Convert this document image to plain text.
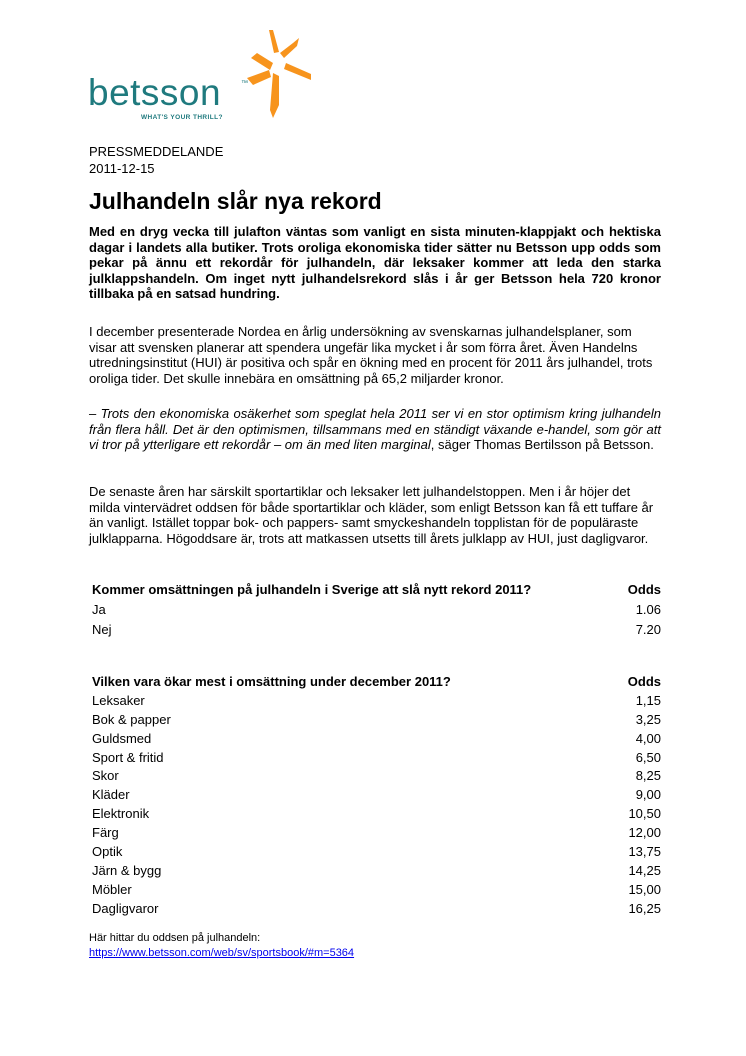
betsson	™
WHAT'S YOUR THRILL?
PRESSMEDDELANDE
2011-12-15
Julhandeln slår nya rekord
Med en dryg vecka till julafton väntas som vanligt en sista minuten-klappjakt och hektiska dagar i landets alla butiker. Trots oroliga ekonomiska tider sätter nu Betsson upp odds som pekar på ännu ett rekordår för julhandeln, där leksaker kommer att leda den starka julklappshandeln. Om inget nytt julhandelsrekord slås i år ger Betsson hela 720 kronor tillbaka på en satsad hundring.
I december presenterade Nordea en årlig undersökning av svenskarnas julhandelsplaner, som visar att svensken planerar att spendera ungefär lika mycket i år som förra året. Även Handelns utredningsinstitut (HUI) är positiva och spår en ökning med en procent för 2011 års julhandel, trots oroliga tider. Det skulle innebära en omsättning på 65,2 miljarder kronor.
– Trots den ekonomiska osäkerhet som speglat hela 2011 ser vi en stor optimism kring julhandeln från flera håll. Det är den optimismen, tillsammans med en ständigt växande e-handel, som gör att vi tror på ytterligare ett rekordår – om än med liten marginal, säger Thomas Bertilsson på Betsson.
De senaste åren har särskilt sportartiklar och leksaker lett julhandelstoppen. Men i år höjer det milda vintervädret oddsen för både sportartiklar och kläder, som enligt Betsson kan få ett tuffare år än vanligt. Istället toppar bok- och pappers- samt smyckeshandeln topplistan för de populäraste julklapparna. Högoddsare är, trots att matkassen utsetts till årets julklapp av HUI, just dagligvaror.
Kommer omsättningen på julhandeln i Sverige att slå nytt rekord 2011?	Odds
Ja	1.06
Nej	7.20
Vilken vara ökar mest i omsättning under december 2011?	Odds
Leksaker	1,15
Bok & papper	3,25
Guldsmed	4,00
Sport & fritid	6,50
Skor	8,25
Kläder	9,00
Elektronik	10,50
Färg	12,00
Optik	13,75
Järn & bygg	14,25
Möbler	15,00
Dagligvaror	16,25
Här hittar du oddsen på julhandeln:
https://www.betsson.com/web/sv/sportsbook/#m=5364
